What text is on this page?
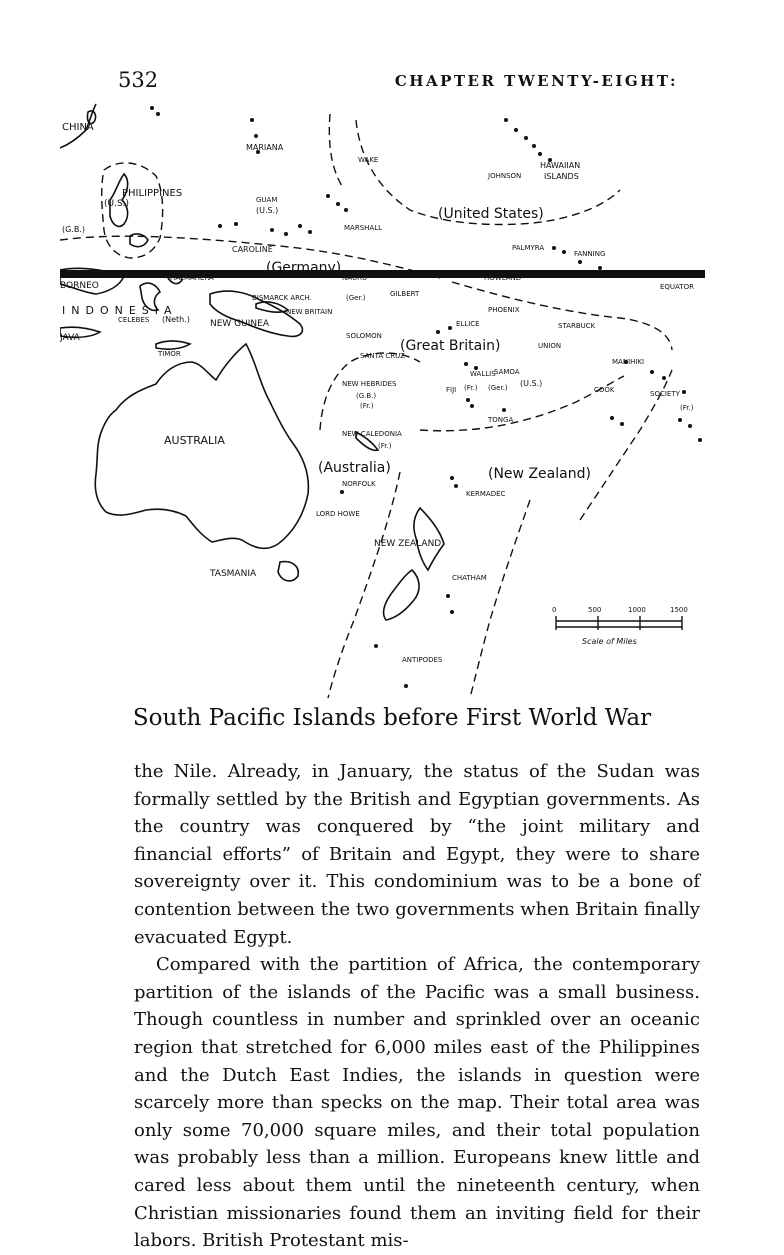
532	CHAPTER TWENTY-EIGHT:
CHINA
MARIANA
WAKE
HAWAIIAN
ISLANDS
JOHNSON
PHILIPPINES
(U.S.)	GUAM
(U.S.)	(United States)
(G.B.)	MARSHALL
CAROLINE	PALMYRA
FANNING
(Germany)	CHRISTMAS
HALMAHERA	NAURU	HOWLAND
EQUATOR
BORNEO
BISMARCK ARCH.	(Ger.)	GILBERT
PHOENIX
NEW BRITAIN
INDONESIA
CELEBES (Neth.) NEW GUINEA	ELLICE	STARBUCK
JAVA
TIMOR
SOLOMON
(Great Britain)	UNION
SANTA CRUZ
MANIHIKI
SAMOA
WALLIS
NEW HEBRIDES
(G.B.)
(Fr.)
FIJI (Fr.) (Ger.) (U.S.)
COOK	SOCIETY
(Fr.)
TONGA
AUSTRALIA	NEW CALEDONIA
(Fr.)
(Australia)
NORFOLK
(New Zealand)
KERMADEC
LORD HOWE
NEW ZEALAND
TASMANIA	CHATHAM
ANTIPODES
0	500	1000	1500
Scale of Miles
South Pacific Islands before First World War

the Nile. Already, in January, the status of the Sudan was formally settled by the British and Egyptian governments. As the country was conquered by “the joint military and financial efforts” of Britain and Egypt, they were to share sovereignty over it. This condominium was to be a bone of contention between the two governments when Britain finally evacuated Egypt.

Compared with the partition of Africa, the contemporary partition of the islands of the Pacific was a small business. Though countless in number and sprinkled over an oceanic region that stretched for 6,000 miles east of the Philippines and the Dutch East Indies, the islands in question were scarcely more than specks on the map. Their total area was only some 70,000 square miles, and their total population was probably less than a million. Europeans knew little and cared less about them until the nineteenth century, when Christian missionaries found them an inviting field for their labors. British Protestant mis-
